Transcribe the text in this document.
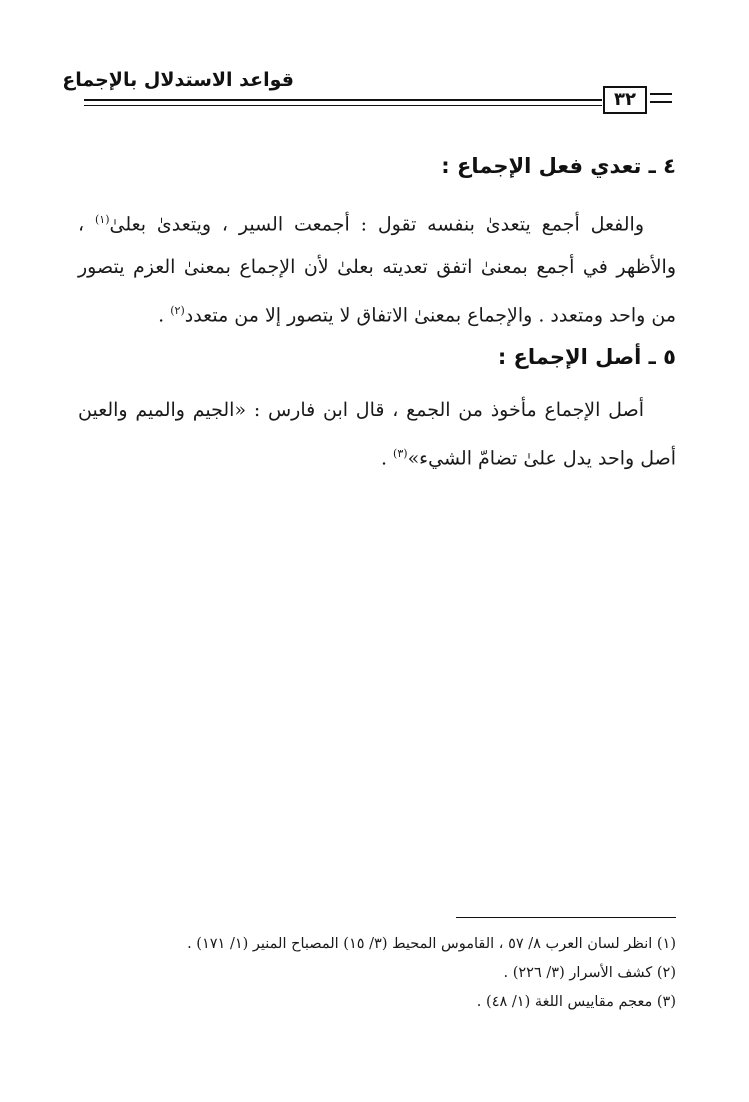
قواعد الاستدلال بالإجماع
٣٢
٤ ـ تعدي فعل الإجماع :
والفعل أجمع يتعدىٰ بنفسه تقول : أجمعت السير ، ويتعدىٰ بعلىٰ$^{(١)}$ ، والأظهر في أجمع بمعنىٰ اتفق تعديته بعلىٰ لأن الإجماع بمعنىٰ العزم يتصور من واحد ومتعدد . والإجماع بمعنىٰ الاتفاق لا يتصور إلا من متعدد$^{(٢)}$ .
٥ ـ أصل الإجماع :
أصل الإجماع مأخوذ من الجمع ، قال ابن فارس : «الجيم والميم والعين أصل واحد يدل علىٰ تضامّ الشيء»$^{(٣)}$ .
(١) انظر لسان العرب ٨/ ٥٧ ، القاموس المحيط (٣/ ١٥) المصباح المنير (١/ ١٧١) .
(٢) كشف الأسرار (٣/ ٢٢٦) .
(٣) معجم مقاييس اللغة (١/ ٤٨) .
